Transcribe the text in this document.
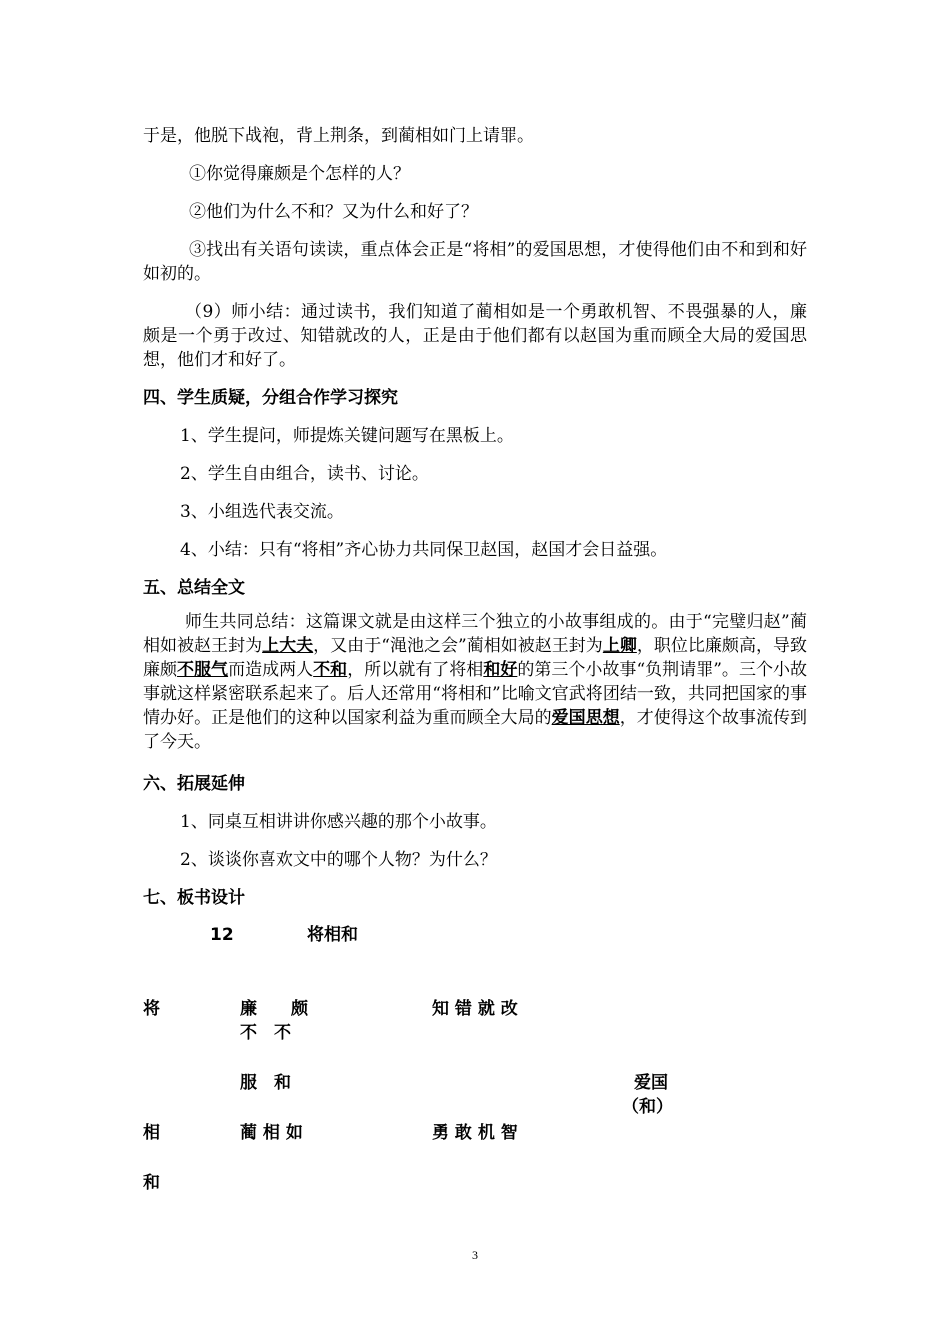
于是，他脱下战袍，背上荆条，到蔺相如门上请罪。
①你觉得廉颇是个怎样的人？
②他们为什么不和？又为什么和好了？
③找出有关语句读读，重点体会正是“将相”的爱国思想，才使得他们由不和到和好如初的。
（9）师小结：通过读书，我们知道了蔺相如是一个勇敢机智、不畏强暴的人，廉颇是一个勇于改过、知错就改的人，正是由于他们都有以赵国为重而顾全大局的爱国思想，他们才和好了。
四、学生质疑，分组合作学习探究
1、学生提问，师提炼关键问题写在黑板上。
2、学生自由组合，读书、讨论。
3、小组选代表交流。
4、小结：只有“将相”齐心协力共同保卫赵国，赵国才会日益强。
五、总结全文
师生共同总结：这篇课文就是由这样三个独立的小故事组成的。由于“完璧归赵”蔺相如被赵王封为上大夫，又由于“渑池之会”蔺相如被赵王封为上卿，职位比廉颇高，导致廉颇不服气而造成两人不和，所以就有了将相和好的第三个小故事“负荆请罪”。三个小故事就这样紧密联系起来了。后人还常用“将相和”比喻文官武将团结一致，共同把国家的事情办好。正是他们的这种以国家利益为重而顾全大局的爱国思想，才使得这个故事流传到了今天。
六、拓展延伸
1、同桌互相讲讲你感兴趣的那个小故事。
2、谈谈你喜欢文中的哪个人物？为什么？
七、板书设计
12	将相和
将	廉　　颇	知 错 就 改
不　不
服　和	爱国
（和）
相	蔺 相 如	勇 敢 机 智
和
3
